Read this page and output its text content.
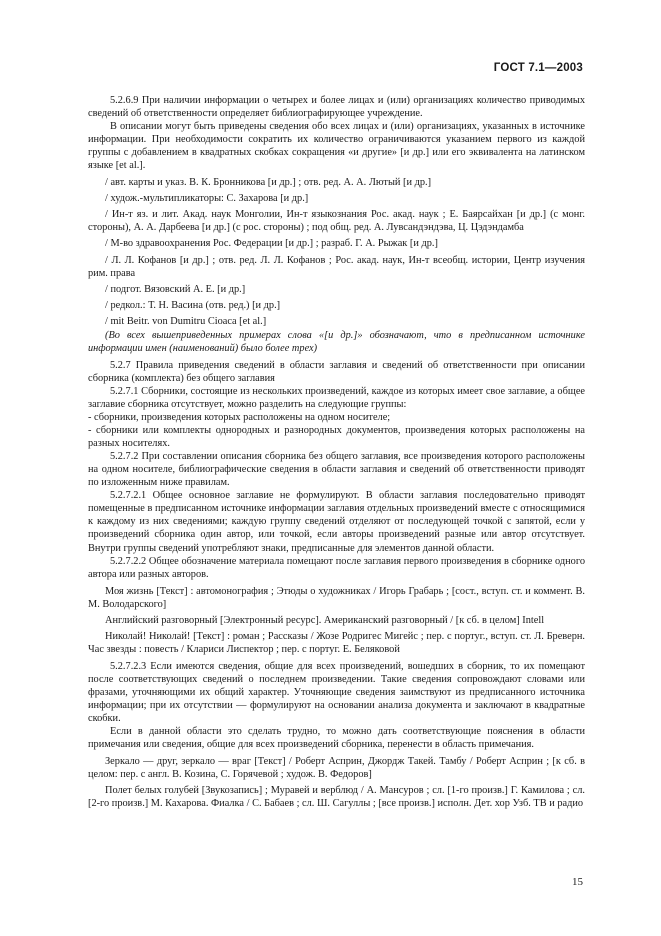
ГОСТ 7.1—2003

5.2.6.9 При наличии информации о четырех и более лицах и (или) организациях количество приводимых сведений об ответственности определяет библиографирующее учреждение.

В описании могут быть приведены сведения обо всех лицах и (или) организациях, указанных в источнике информации. При необходимости сократить их количество ограничиваются указанием первого из каждой группы с добавлением в квадратных скобках сокращения «и другие» [и др.] или его эквивалента на латинском языке [et al.].

/ авт. карты и указ. В. К. Бронникова [и др.] ; отв. ред. А. А. Лютый [и др.]

/ худож.-мультипликаторы: С. Захарова [и др.]

/ Ин-т яз. и лит. Акад. наук Монголии, Ин-т языкознания Рос. акад. наук ; Е. Баярсайхан [и др.] (с монг. стороны), А. А. Дарбеева [и др.] (с рос. стороны) ; под общ. ред. А. Лувсандэндэва, Ц. Цэдэндамба

/ М-во здравоохранения Рос. Федерации [и др.] ; разраб. Г. А. Рыжак [и др.]

/ Л. Л. Кофанов [и др.] ; отв. ред. Л. Л. Кофанов ; Рос. акад. наук, Ин-т всеобщ. истории, Центр изучения рим. права

/ подгот. Вязовский А. Е. [и др.]

/ редкол.: Т. Н. Васина (отв. ред.) [и др.]

/ mit Beitr. von Dumitru Cioaca [et al.]

(Во всех вышеприведенных примерах слова «[и др.]» обозначают, что в предписанном источнике информации имен (наименований) было более трех)

5.2.7 Правила приведения сведений в области заглавия и сведений об ответственности при описании сборника (комплекта) без общего заглавия

5.2.7.1 Сборники, состоящие из нескольких произведений, каждое из которых имеет свое заглавие, а общее заглавие сборника отсутствует, можно разделить на следующие группы:

- сборники, произведения которых расположены на одном носителе;

- сборники или комплекты однородных и разнородных документов, произведения которых расположены на разных носителях.

5.2.7.2 При составлении описания сборника без общего заглавия, все произведения которого расположены на одном носителе, библиографические сведения в области заглавия и сведений об ответственности приводят по изложенным ниже правилам.

5.2.7.2.1 Общее основное заглавие не формулируют. В области заглавия последовательно приводят помещенные в предписанном источнике информации заглавия отдельных произведений вместе с относящимися к каждому из них сведениями; каждую группу сведений отделяют от последующей точкой с запятой, если у произведений сборника один автор, или точкой, если авторы произведений разные или автор отсутствует. Внутри группы сведений употребляют знаки, предписанные для элементов данной области.

5.2.7.2.2 Общее обозначение материала помещают после заглавия первого произведения в сборнике одного автора или разных авторов.

Моя жизнь [Текст] : автомонография ; Этюды о художниках / Игорь Грабарь ; [сост., вступ. ст. и коммент. В. М. Володарского]

Английский разговорный [Электронный ресурс]. Американский разговорный / [к сб. в целом] Intell

Николай! Николай! [Текст] : роман ; Рассказы / Жозе Родригес Мигейс ; пер. с португ., вступ. ст. Л. Бреверн. Час звезды : повесть / Клариси Лиспектор ; пер. с португ. Е. Беляковой

5.2.7.2.3 Если имеются сведения, общие для всех произведений, вошедших в сборник, то их помещают после соответствующих сведений о последнем произведении. Такие сведения сопровождают словами или фразами, уточняющими их общий характер. Уточняющие сведения заимствуют из предписанного источника информации; при их отсутствии — формулируют на основании анализа документа и заключают в квадратные скобки.

Если в данной области это сделать трудно, то можно дать соответствующие пояснения в области примечания или сведения, общие для всех произведений сборника, перенести в область примечания.

Зеркало — друг, зеркало — враг [Текст] / Роберт Асприн, Джордж Такей. Тамбу / Роберт Асприн ; [к сб. в целом: пер. с англ. В. Козина, С. Горячевой ; худож. В. Федоров]

Полет белых голубей [Звукозапись] ; Муравей и верблюд / А. Мансуров ; сл. [1-го произв.] Г. Камилова ; сл. [2-го произв.] М. Кахарова. Фиалка / С. Бабаев ; сл. Ш. Сагуллы ; [все произв.] исполн. Дет. хор Узб. ТВ и радио

15
